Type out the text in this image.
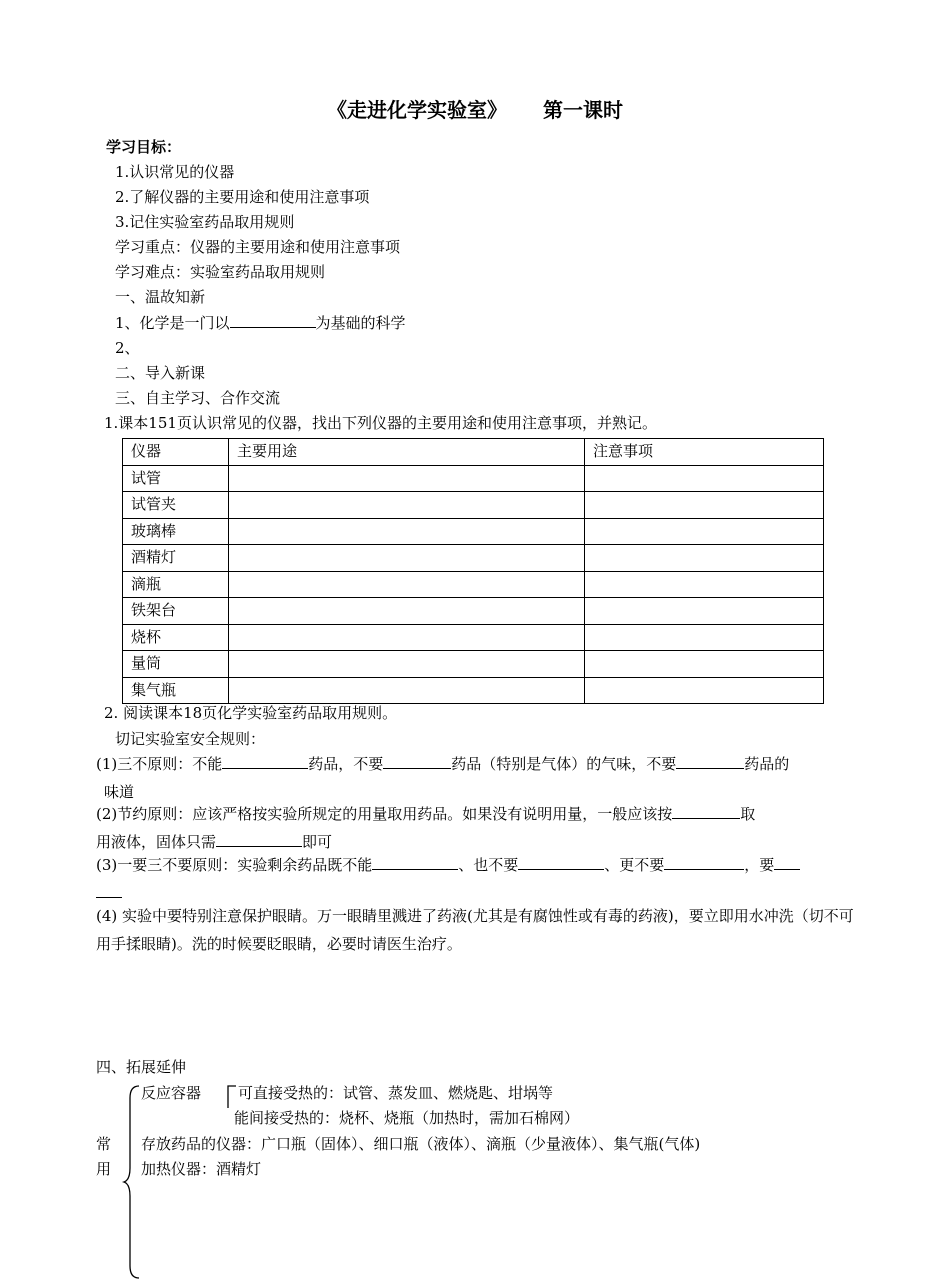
《走进化学实验室》 第一课时
学习目标：
1.认识常见的仪器
2.了解仪器的主要用途和使用注意事项
3.记住实验室药品取用规则
学习重点：仪器的主要用途和使用注意事项
学习难点：实验室药品取用规则
一、温故知新
1、化学是一门以	为基础的科学
2、
二、导入新课
三、自主学习、合作交流
1.课本151页认识常见的仪器，找出下列仪器的主要用途和使用注意事项，并熟记。
仪器	主要用途	注意事项
试管		
试管夹		
玻璃棒		
酒精灯		
滴瓶		
铁架台		
烧杯		
量筒		
集气瓶		
2. 阅读课本18页化学实验室药品取用规则。
切记实验室安全规则：
(1)三不原则：不能	药品，不要	药品（特别是气体）的气味，不要	药品的
味道
(2)节约原则：应该严格按实验所规定的用量取用药品。如果没有说明用量，一般应该按	取
用液体，固体只需	即可
(3)一要三不要原则：实验剩余药品既不能	、也不要	、更不要	，要

(4) 实验中要特别注意保护眼睛。万一眼睛里溅进了药液(尤其是有腐蚀性或有毒的药液)，要立即用水冲洗（切不可用手揉眼睛)。洗的时候要眨眼睛，必要时请医生治疗。
四、拓展延伸
反应容器 可直接受热的：试管、蒸发皿、燃烧匙、坩埚等
能间接受热的：烧杯、烧瓶（加热时，需加石棉网）
常 存放药品的仪器：广口瓶（固体）、细口瓶（液体）、滴瓶（少量液体）、集气瓶(气体)
用 加热仪器：酒精灯
